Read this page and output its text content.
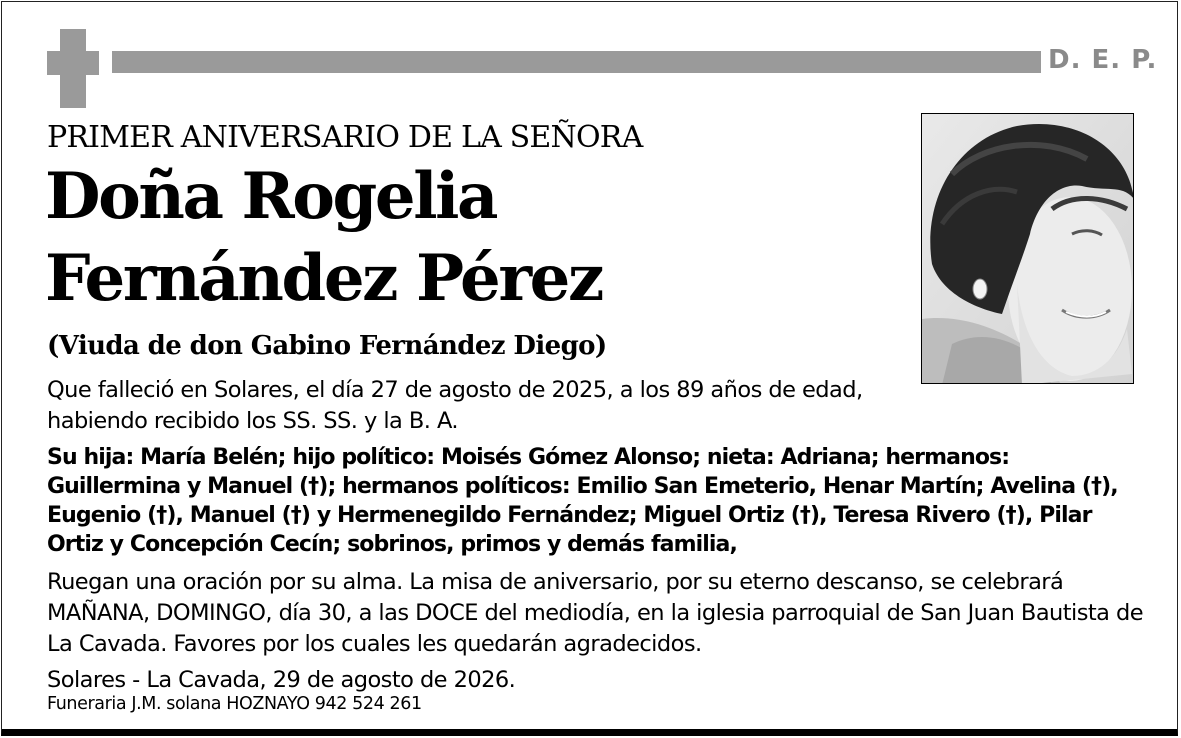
D. E. P.
PRIMER ANIVERSARIO DE LA SEÑORA
Doña Rogelia
Fernández Pérez
(Viuda de don Gabino Fernández Diego)
Que falleció en Solares, el día 27 de agosto de 2025, a los 89 años de edad, habiendo recibido los SS. SS. y la B. A.
Su hija: María Belén; hijo político: Moisés Gómez Alonso; nieta: Adriana; hermanos: Guillermina y Manuel (†); hermanos políticos: Emilio San Emeterio, Henar Martín; Avelina (†), Eugenio (†), Manuel (†) y Hermenegildo Fernández; Miguel Ortiz (†), Teresa Rivero (†), Pilar Ortiz y Concepción Cecín; sobrinos, primos y demás familia,
Ruegan una oración por su alma. La misa de aniversario, por su eterno descanso, se celebrará MAÑANA, DOMINGO, día 30, a las DOCE del mediodía, en la iglesia parroquial de San Juan Bautista de La Cavada. Favores por los cuales les quedarán agradecidos.
Solares - La Cavada, 29 de agosto de 2026.
Funeraria J.M. solana HOZNAYO 942 524 261
